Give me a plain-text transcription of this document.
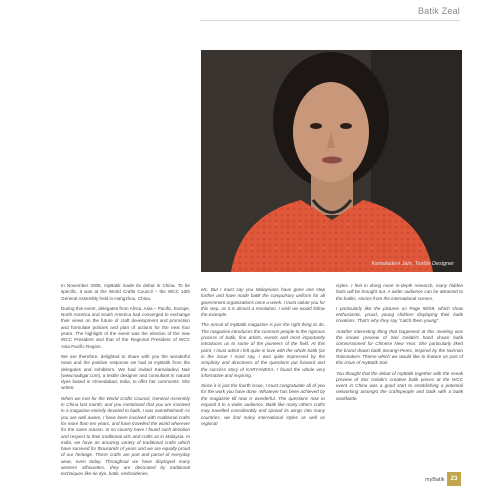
Batik Zeal
Kamaladevi Jain, Textile Designer

In November 2008, myBatik made its debut in China. To be specific, it was at the World Crafts Council – the WCC 10th General Assembly held in Hangzhou, China.

During this event, delegates from Africa, Asia – Pacific, Europe, North America and South America had converged to exchange their views on the future of craft development and promotion and formulate policies and plan of actions for the next four years. The highlight of the event was the election of the new WCC President and that of the Regional President of WCC Asia Pacific Region.

We are therefore, delighted to share with you the wonderful news and the positive response we had at myBatik from the delegates and exhibitors. We had invited Kamaladevi Nair (www.nadigar.com), a textile designer and consultant in natural dyes based in Ahmedabad, India, to offer her comments. She writes:

When we met for the World Crafts Council, General Assembly in China last month, and you mentioned that you are involved in a magazine entirely devoted to batik, I was overwhelmed! As you are well aware, I have been involved with traditional crafts for more than ten years, and have travelled the world wherever for the same reason. In no country have I found such devotion and respect to their traditional arts and crafts as in Malaysia. In India, we have an amazing variety of traditional crafts which have survived for thousands of years and we are equally proud of our heritage. These crafts are part and parcel of everyday wear, even today. Throughout we have displayed many western silhouettes, they are decorated by traditional techniques like tie dye, batik, embroideries,

etc. But I must say you Malaysians have gone one step further and have made batik the compulsory uniform for all government organizations once a week. I must salute you for this step, as it is almost a revolution. I wish we would follow the example.

The arrival of myBatik magazine is just the right thing to do. The magazine introduces the common people to the rigorous process of batik, fine artists, events and most importantly introduces us to some of the pioneers of the field. At this point, I must admit I felt quite in love with the whole batik (as in the issue I must say, I was quite impressed by the simplicity and directness of the questions put forward and the success story of KARYANEKA. I found the whole very informative and inspiring.

Since it is just the fourth issue, I must congratulate all of you for the work you have done. Whatever has been achieved by the magazine till now is wonderful. The questions now to expand it to a wider audience. Batik like many others crafts may travelled considerably and spread its wings into many countries, we find many international styles as well as regional

styles. I feel in doing more in-depth research, many hidden facts will be brought out. A wider audience can be attracted to the batiks, stories from the international scenes.

I particularly like the pictures on Page 58/59, which show enthusiastic, proud, young children displaying their batik creations. That's why they say "catch them young".

Another interesting thing that happened at this meeting was the knows preview of Sini Gelabi's hand drawn batik commissioned for Chinese New Year. She particularly liked the brand drawn batik Serang+Peres, inspired by the Norman Rainmakers Theme which we would like to feature as part of this issue of myBatik Sari.

You thought that the debut of myBatik together with the sneak preview of Sini Gelabi's creative batik pieces at the WCC event in China was a good start to establishing a potential networking amongst the craftspeople and batik with a batik worldwide.

myBatik	23
